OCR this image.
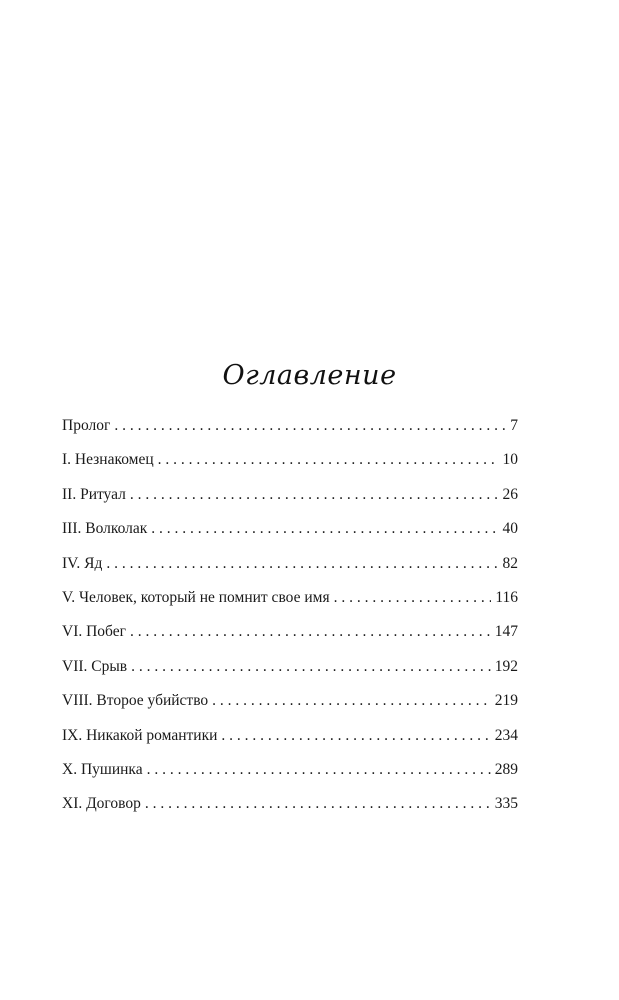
Оглавление
Пролог . . .	7
I. Незнакомец . . .	10
II. Ритуал . . .	26
III. Волколак . . .	40
IV. Яд . . .	82
V. Человек, который не помнит свое имя . . .	116
VI. Побег . . .	147
VII. Срыв . . .	192
VIII. Второе убийство . . .	219
IX. Никакой романтики . . .	234
X. Пушинка . . .	289
XI. Договор . . .	335
